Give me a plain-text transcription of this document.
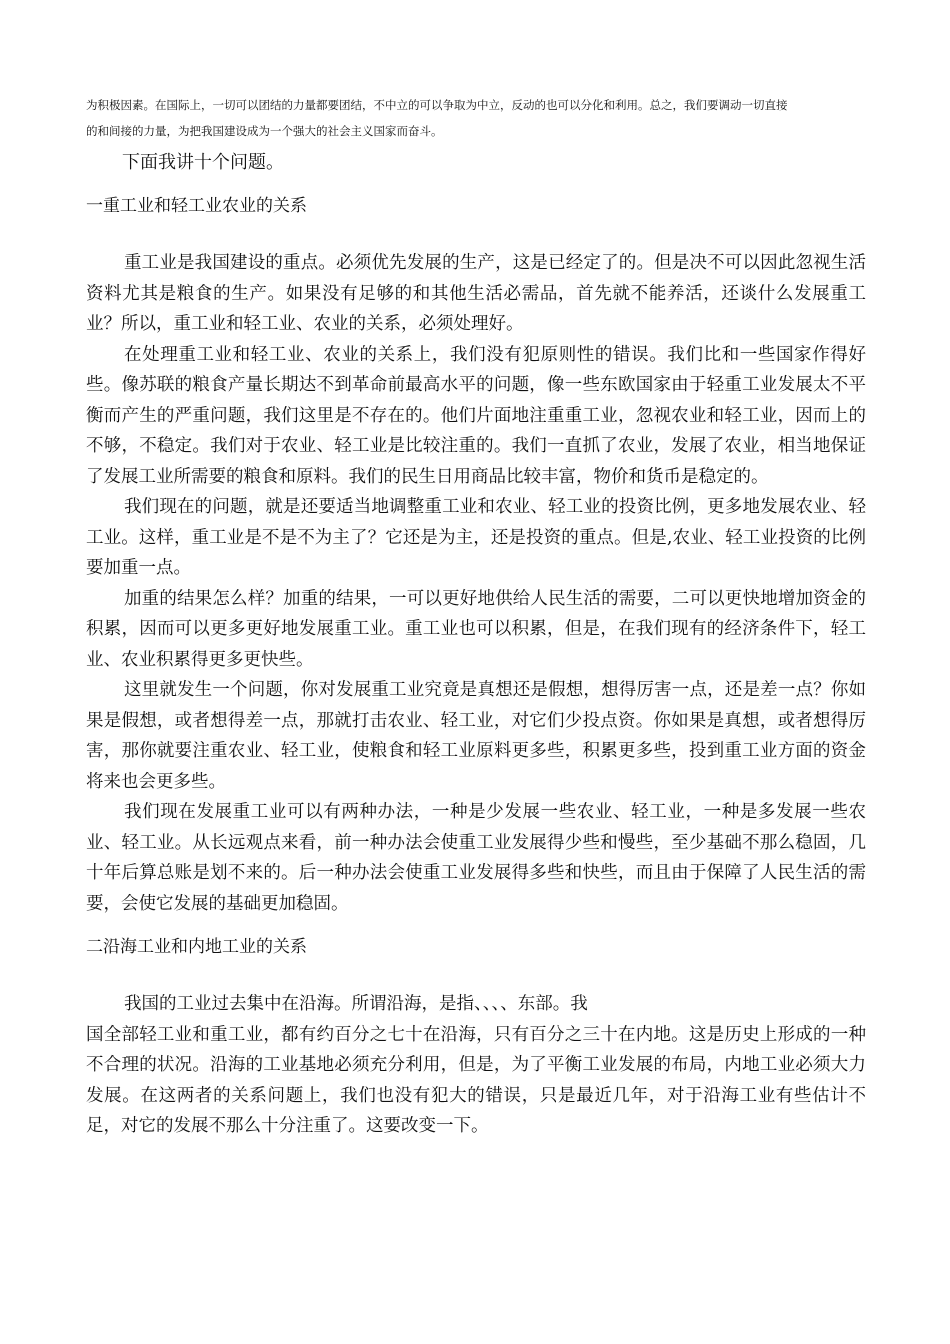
为积极因素。在国际上，一切可以团结的力量都要团结，不中立的可以争取为中立，反动的也可以分化和利用。总之，我们要调动一切直接

的和间接的力量，为把我国建设成为一个强大的社会主义国家而奋斗。

下面我讲十个问题。

一重工业和轻工业农业的关系

重工业是我国建设的重点。必须优先发展的生产，这是已经定了的。但是决不可以因此忽视生活资料尤其是粮食的生产。如果没有足够的和其他生活必需品，首先就不能养活，还谈什么发展重工业？所以，重工业和轻工业、农业的关系，必须处理好。

在处理重工业和轻工业、农业的关系上，我们没有犯原则性的错误。我们比和一些国家作得好些。像苏联的粮食产量长期达不到革命前最高水平的问题，像一些东欧国家由于轻重工业发展太不平衡而产生的严重问题，我们这里是不存在的。他们片面地注重重工业，忽视农业和轻工业，因而上的不够，不稳定。我们对于农业、轻工业是比较注重的。我们一直抓了农业，发展了农业，相当地保证了发展工业所需要的粮食和原料。我们的民生日用商品比较丰富，物价和货币是稳定的。

我们现在的问题，就是还要适当地调整重工业和农业、轻工业的投资比例，更多地发展农业、轻工业。这样，重工业是不是不为主了？它还是为主，还是投资的重点。但是,农业、轻工业投资的比例要加重一点。

加重的结果怎么样？加重的结果，一可以更好地供给人民生活的需要，二可以更快地增加资金的积累，因而可以更多更好地发展重工业。重工业也可以积累，但是，在我们现有的经济条件下，轻工业、农业积累得更多更快些。

这里就发生一个问题，你对发展重工业究竟是真想还是假想，想得厉害一点，还是差一点？你如果是假想，或者想得差一点，那就打击农业、轻工业，对它们少投点资。你如果是真想，或者想得厉害，那你就要注重农业、轻工业，使粮食和轻工业原料更多些，积累更多些，投到重工业方面的资金将来也会更多些。

我们现在发展重工业可以有两种办法，一种是少发展一些农业、轻工业，一种是多发展一些农业、轻工业。从长远观点来看，前一种办法会使重工业发展得少些和慢些，至少基础不那么稳固，几十年后算总账是划不来的。后一种办法会使重工业发展得多些和快些，而且由于保障了人民生活的需要，会使它发展的基础更加稳固。

二沿海工业和内地工业的关系

我国的工业过去集中在沿海。所谓沿海，是指、、、、东部。我

国全部轻工业和重工业，都有约百分之七十在沿海，只有百分之三十在内地。这是历史上形成的一种不合理的状况。沿海的工业基地必须充分利用，但是，为了平衡工业发展的布局，内地工业必须大力发展。在这两者的关系问题上，我们也没有犯大的错误，只是最近几年，对于沿海工业有些估计不足，对它的发展不那么十分注重了。这要改变一下。
